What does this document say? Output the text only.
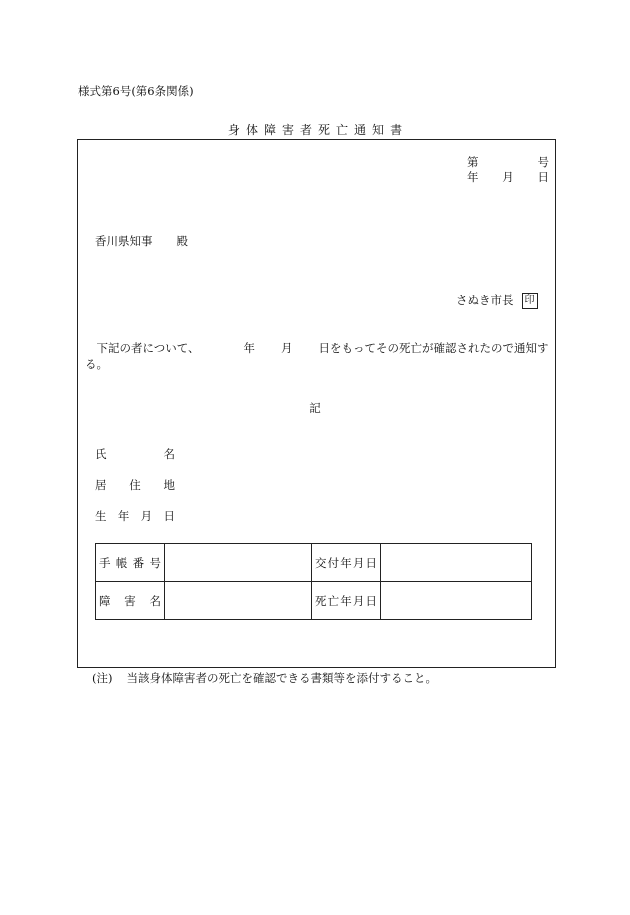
様式第6号(第6条関係)
身  体  障  害  者  死  亡  通  知  書
第	号
年 月 日
香川県知事 殿
さぬき市長 印
　下記の者について、	年 月 日をもってその死亡が確認されたので通知する。
記
氏	名
居 住 地
生 年 月 日
手 帳 番 号		交 付 年 月 日	

障 害 名		死 亡 年 月 日	

(注) 当該身体障害者の死亡を確認できる書類等を添付すること。
